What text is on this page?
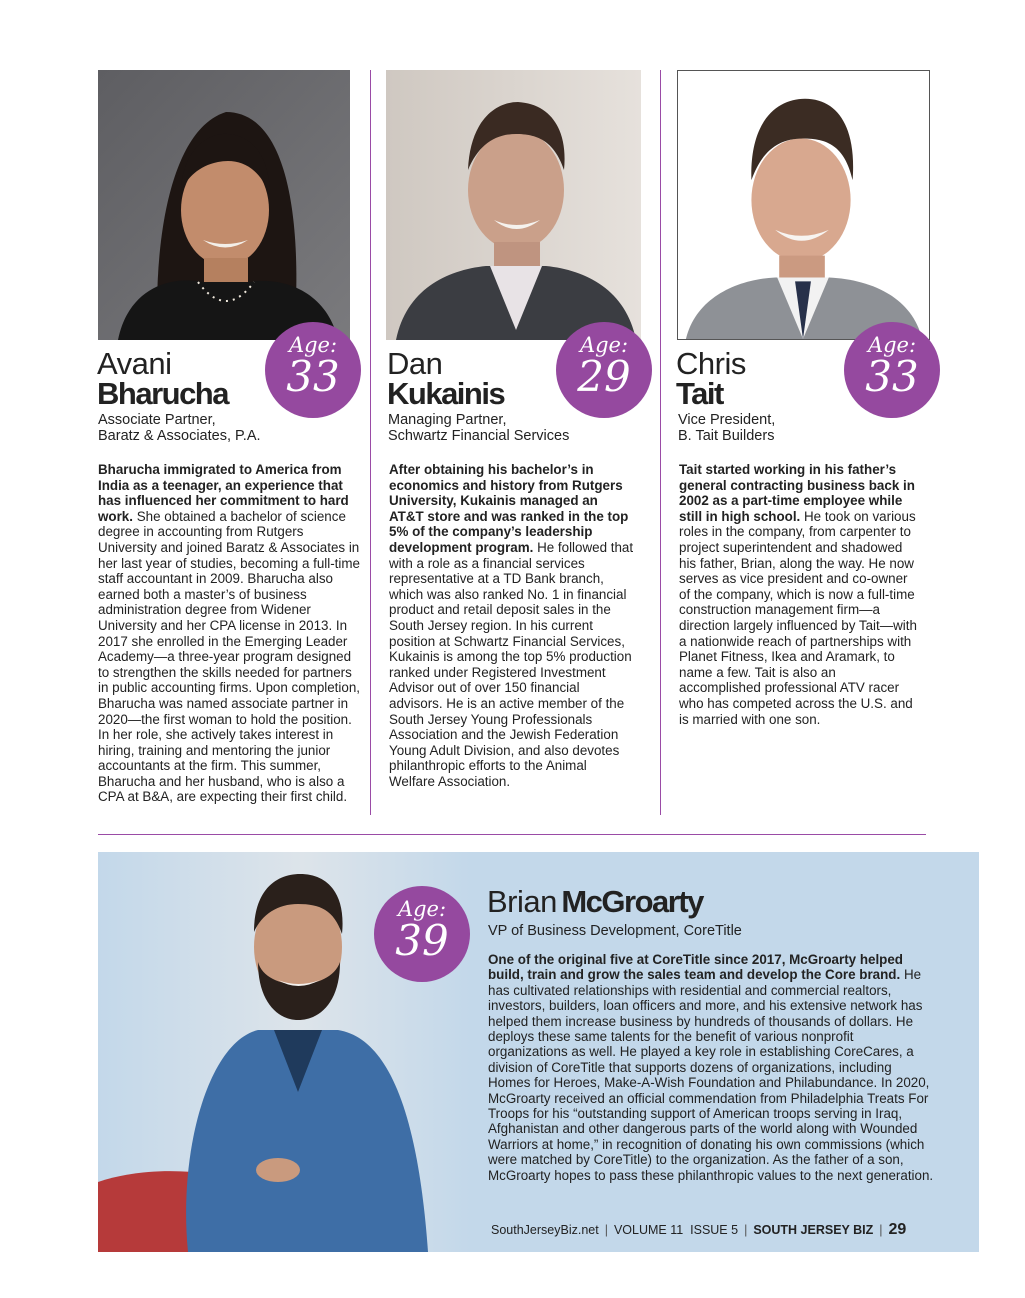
Age:
33
Avani
Bharucha
Associate Partner,
Baratz & Associates, P.A.

Bharucha immigrated to America from India as a teenager, an experience that has influenced her commitment to hard work. She obtained a bachelor of science degree in accounting from Rutgers University and joined Baratz & Associates in her last year of studies, becoming a full-time staff accountant in 2009. Bharucha also earned both a master’s of business administration degree from Widener University and her CPA license in 2013. In 2017 she enrolled in the Emerging Leader Academy—a three-year program designed to strengthen the skills needed for partners in public accounting firms. Upon completion, Bharucha was named associate partner in 2020—the first woman to hold the position. In her role, she actively takes interest in hiring, training and mentoring the junior accountants at the firm. This summer, Bharucha and her husband, who is also a CPA at B&A, are expecting their first child.

Age:
29
Dan
Kukainis
Managing Partner,
Schwartz Financial Services

After obtaining his bachelor’s in economics and history from Rutgers University, Kukainis managed an AT&T store and was ranked in the top 5% of the company’s leadership development program. He followed that with a role as a financial services representative at a TD Bank branch, which was also ranked No. 1 in financial product and retail deposit sales in the South Jersey region. In his current position at Schwartz Financial Services, Kukainis is among the top 5% production ranked under Registered Investment Advisor out of over 150 financial advisors. He is an active member of the South Jersey Young Professionals Association and the Jewish Federation Young Adult Division, and also devotes philanthropic efforts to the Animal Welfare Association.

Age:
33
Chris
Tait
Vice President,
B. Tait Builders

Tait started working in his father’s general contracting business back in 2002 as a part-time employee while still in high school. He took on various roles in the company, from carpenter to project superintendent and shadowed his father, Brian, along the way. He now serves as vice president and co-owner of the company, which is now a full-time construction management firm—a direction largely influenced by Tait—with a nationwide reach of partnerships with Planet Fitness, Ikea and Aramark, to name a few. Tait is also an accomplished professional ATV racer who has competed across the U.S. and is married with one son.

Age:
39
Brian McGroarty
VP of Business Development, CoreTitle

One of the original five at CoreTitle since 2017, McGroarty helped build, train and grow the sales team and develop the Core brand. He has cultivated relationships with residential and commercial realtors, investors, builders, loan officers and more, and his extensive network has helped them increase business by hundreds of thousands of dollars. He deploys these same talents for the benefit of various nonprofit organizations as well. He played a key role in establishing CoreCares, a division of CoreTitle that supports dozens of organizations, including Homes for Heroes, Make-A-Wish Foundation and Philabundance. In 2020, McGroarty received an official commendation from Philadelphia Treats For Troops for his “outstanding support of American troops serving in Iraq, Afghanistan and other dangerous parts of the world along with Wounded Warriors at home,” in recognition of donating his own commissions (which were matched by CoreTitle) to the organization. As the father of a son, McGroarty hopes to pass these philanthropic values to the next generation.

SouthJerseyBiz.net | VOLUME 11  ISSUE 5 | SOUTH JERSEY BIZ | 29
